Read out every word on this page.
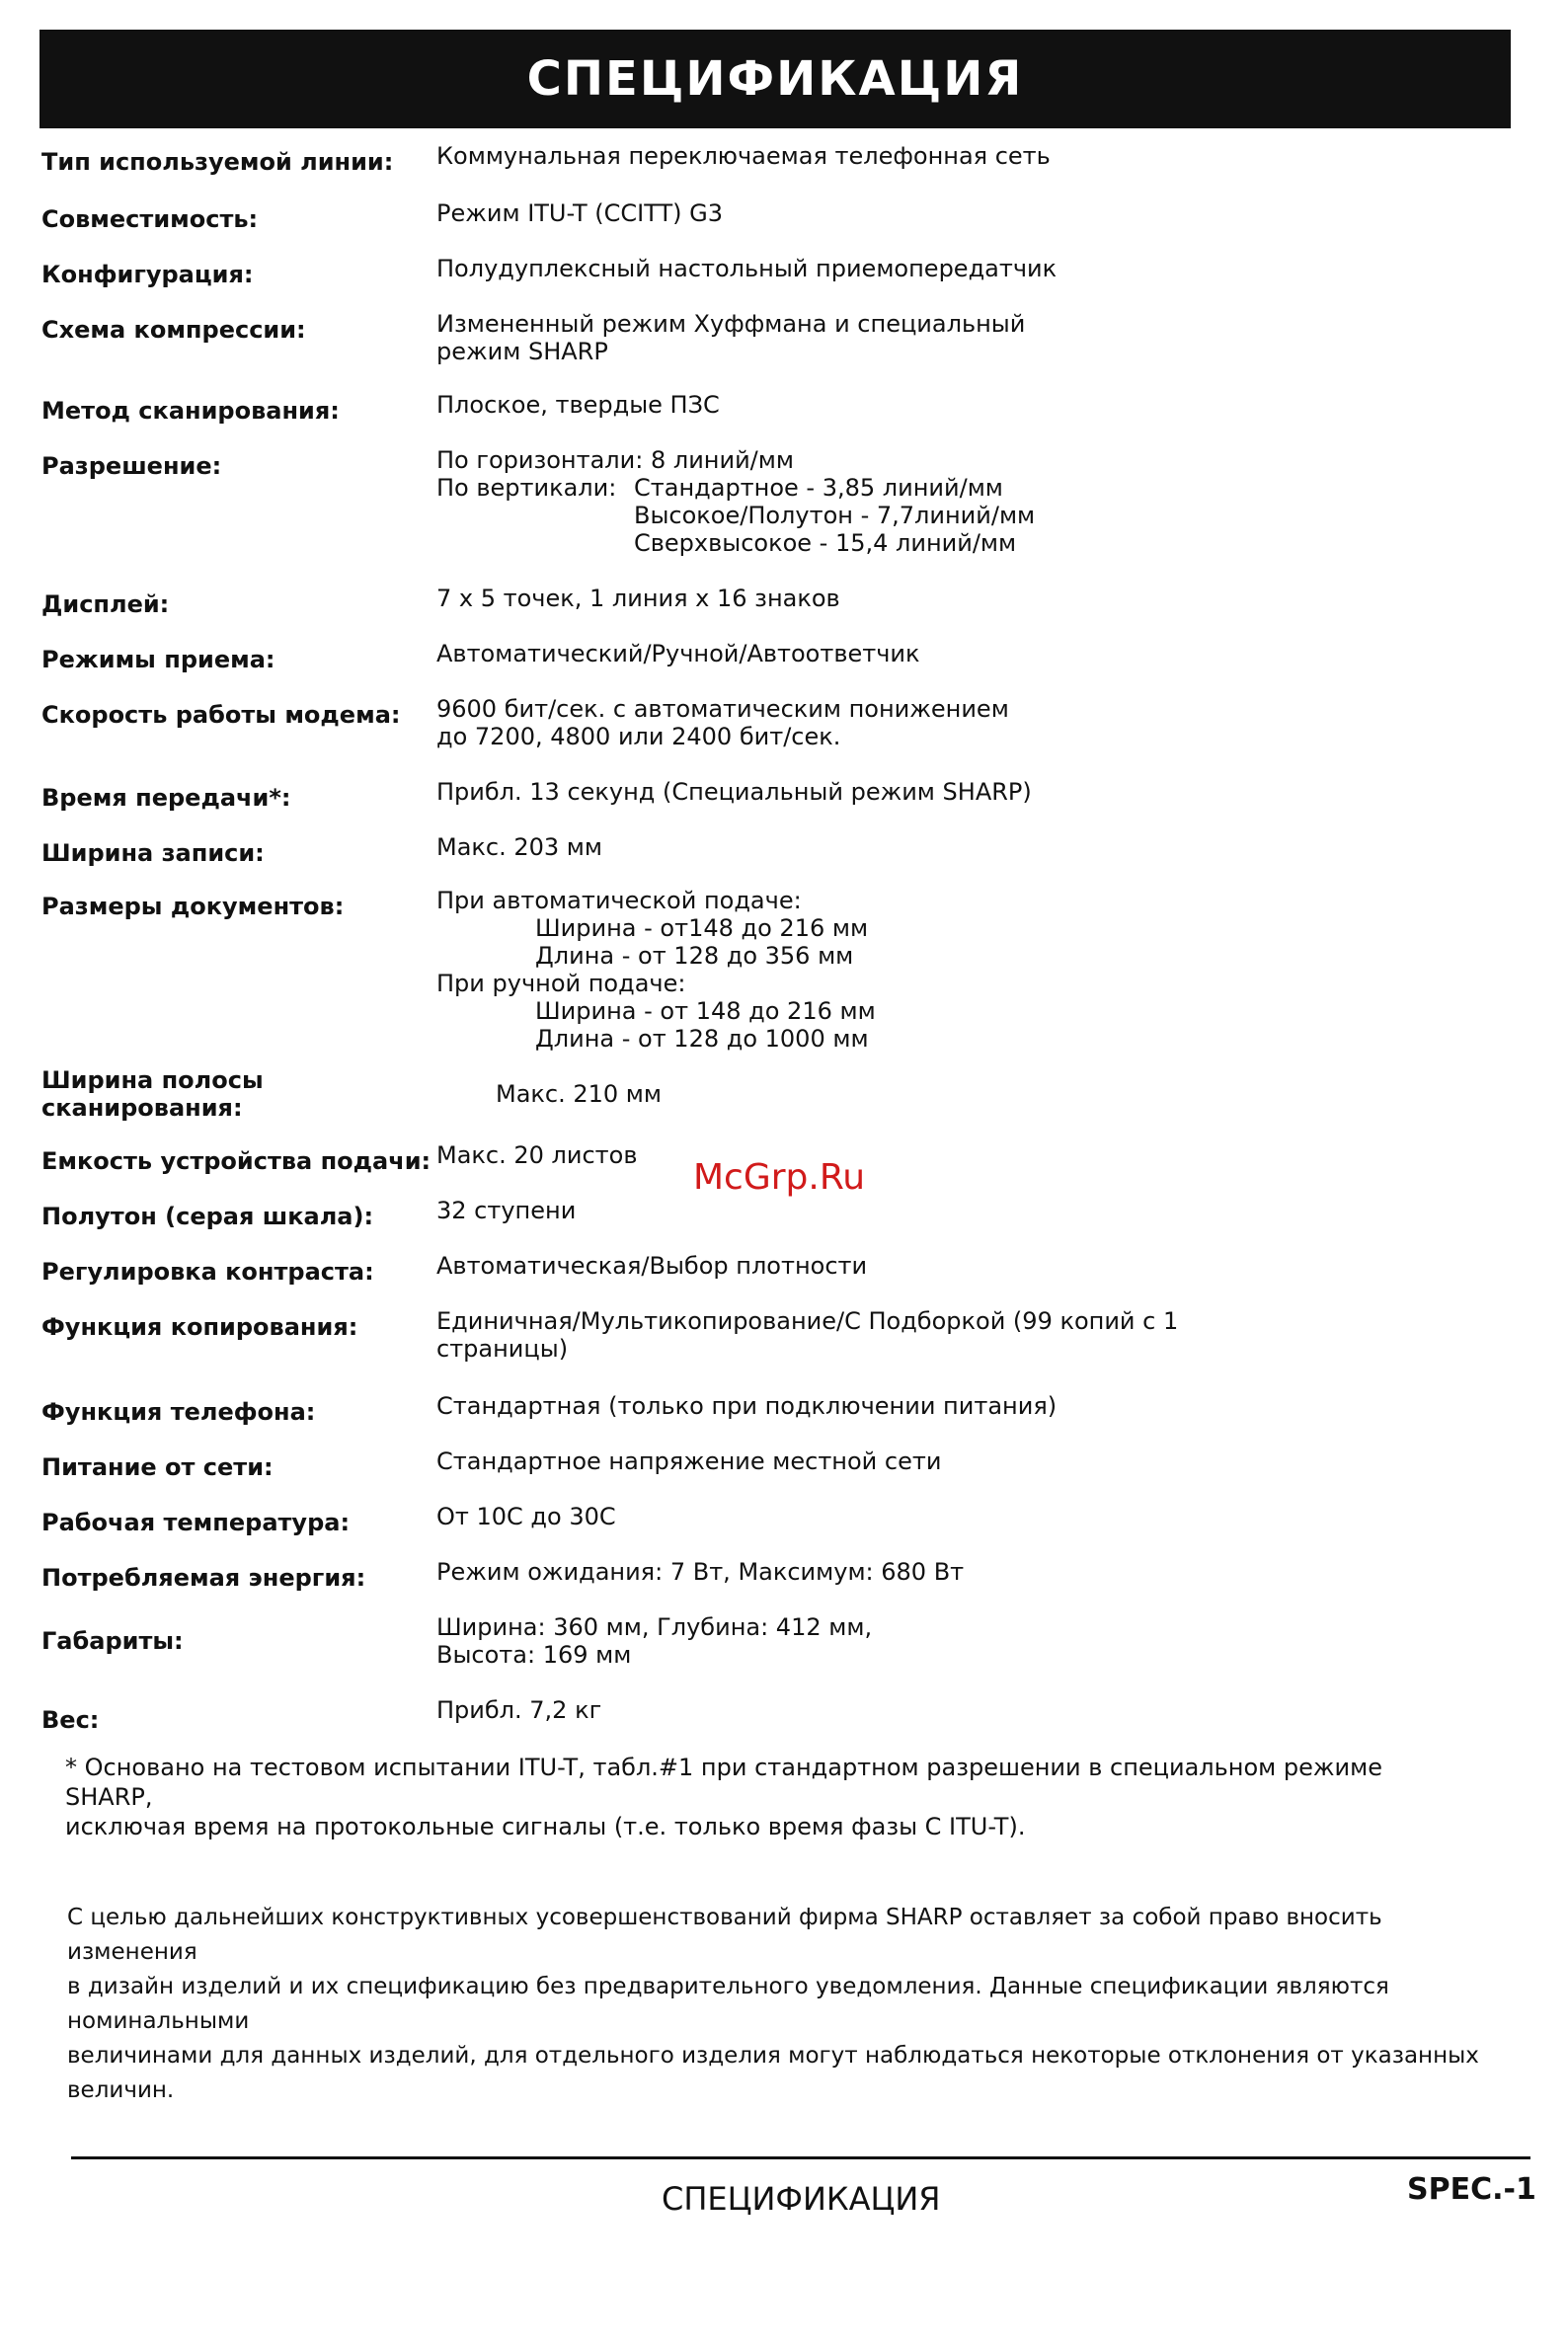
СПЕЦИФИКАЦИЯ
Тип используемой линии:	Коммунальная переключаемая телефонная сеть
Совместимость:	Режим ITU-T (CCITT) G3
Конфигурация:	Полудуплексный настольный приемопередатчик
Схема компрессии:	Измененный режим Хуффмана и специальный
режим SHARP
Метод сканирования:	Плоское, твердые ПЗС
Разрешение:	По горизонтали: 8 линий/мм
По вертикали: Стандартное - 3,85 линий/мм
Высокое/Полутон - 7,7линий/мм
Сверхвысокое - 15,4 линий/мм
Дисплей:	7 х 5 точек, 1 линия х 16 знаков
Режимы приема:	Автоматический/Ручной/Автоответчик
Скорость работы модема:	9600 бит/сек. с автоматическим понижением
до 7200, 4800 или 2400 бит/сек.
Время передачи*:	Прибл. 13 секунд (Специальный режим SHARP)
Ширина записи:	Макс. 203 мм
Размеры документов:	При автоматической подаче:
Ширина - от148 до 216 мм
Длина - от 128 до 356 мм
При ручной подаче:
Ширина - от 148 до 216 мм
Длина - от 128 до 1000 мм
Ширина полосы сканирования:	Макс. 210 мм
Емкость устройства подачи: Макс. 20 листов
Полутон (серая шкала):	32 ступени
Регулировка контраста:	Автоматическая/Выбор плотности
Функция копирования:	Единичная/Мультикопирование/С Подборкой (99 копий с 1
страницы)
Функция телефона:	Стандартная (только при подключении питания)
Питание от сети:	Стандартное напряжение местной сети
Рабочая температура:	От 10С до 30С
Потребляемая энергия:	Режим ожидания: 7 Вт, Максимум: 680 Вт
Габариты:	Ширина: 360 мм, Глубина: 412 мм,
Высота: 169 мм
Вес:	Прибл. 7,2 кг
McGrp.Ru
* Основано на тестовом испытании ITU-T, табл.#1 при стандартном разрешении в специальном режиме SHARP,
исключая время на протокольные сигналы (т.е. только время фазы С ITU-T).
С целью дальнейших конструктивных усовершенствований фирма SHARP оставляет за собой право вносить изменения
в дизайн изделий и их спецификацию без предварительного уведомления. Данные спецификации являются номинальными
величинами для данных изделий, для отдельного изделия могут наблюдаться некоторые отклонения от указанных
величин.
СПЕЦИФИКАЦИЯ	SPEC.-1
